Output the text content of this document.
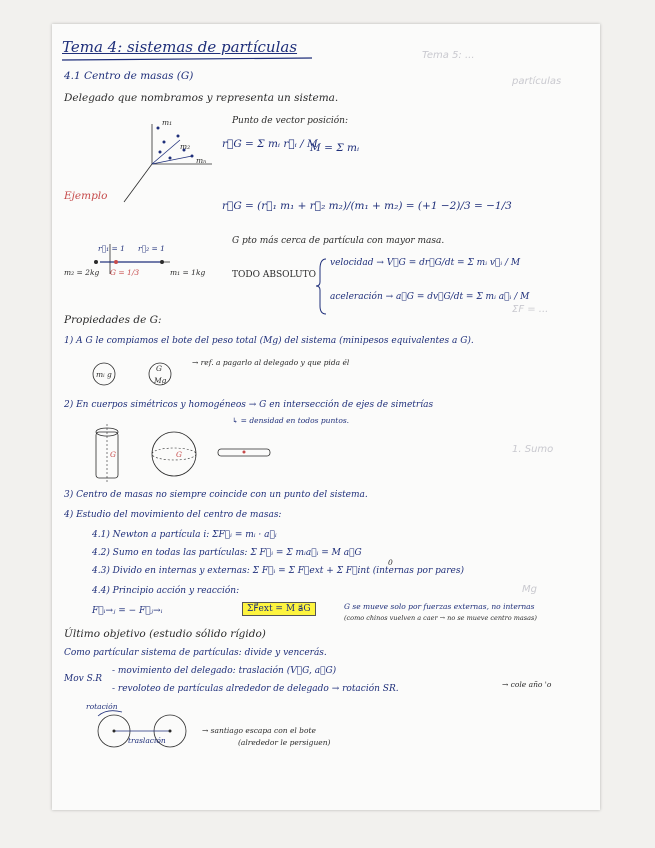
Tema 5: ...
partículas
ΣF = ...
1. Sumo
Mg
Tema 4: sistemas de partículas
4.1 Centro de masas (G)
Delegado que nombramos y representa un sistema.
m₁
m₂
mₙ
Punto de vector posición:
r⃗G = Σ mᵢ r⃗ᵢ / M
M = Σ mᵢ
Ejemplo
r⃗G = (r⃗₁ m₁ + r⃗₂ m₂)/(m₁ + m₂) = (+1 −2)/3 = −1/3
r⃗₁ = 1 r⃗₂ = 1
G = 1/3
m₂ = 2kg	m₁ = 1kg
G pto más cerca de partícula con mayor masa.
TODO ABSOLUTO
velocidad → V⃗G = dr⃗G/dt = Σ mᵢ v⃗ᵢ / M
aceleración → a⃗G = dv⃗G/dt = Σ mᵢ a⃗ᵢ / M
Propiedades de G:
1) A G le compiamos el bote del peso total (Mg) del sistema (minipesos equivalentes a G).
→ ref. a pagarlo al delegado y que pida él
mᵢ g
G
Mg
2) En cuerpos simétricos y homogéneos → G en intersección de ejes de simetrías
↳ = densidad en todos puntos.
G	G
3) Centro de masas no siempre coincide con un punto del sistema.
4) Estudio del movimiento del centro de masas:
4.1) Newton a partícula i: ΣF⃗ᵢ = mᵢ · a⃗ᵢ
4.2) Sumo en todas las partículas: Σ F⃗ᵢ = Σ mᵢa⃗ᵢ = M a⃗G
4.3) Divido en internas y externas: Σ F⃗ᵢ = Σ F⃗ext + Σ F⃗int (internas por pares)
0
4.4) Principio acción y reacción:
F⃗ᵢ→ⱼ = − F⃗ⱼ→ᵢ	ΣF⃗ext = M a⃗G	G se mueve solo por fuerzas externas, no internas
(como chinos vuelven a caer → no se mueve centro masas)
Último objetivo (estudio sólido rígido)
Como partícular sistema de partículas: divide y vencerás.
Mov S.R
- movimiento del delegado: traslación (V⃗G, a⃗G)
- revoloteo de partículas alrededor de delegado → rotación SR.	→ cole año 'o
rotación
traslación
→ santiago escapa con el bote
(alrededor le persiguen)
